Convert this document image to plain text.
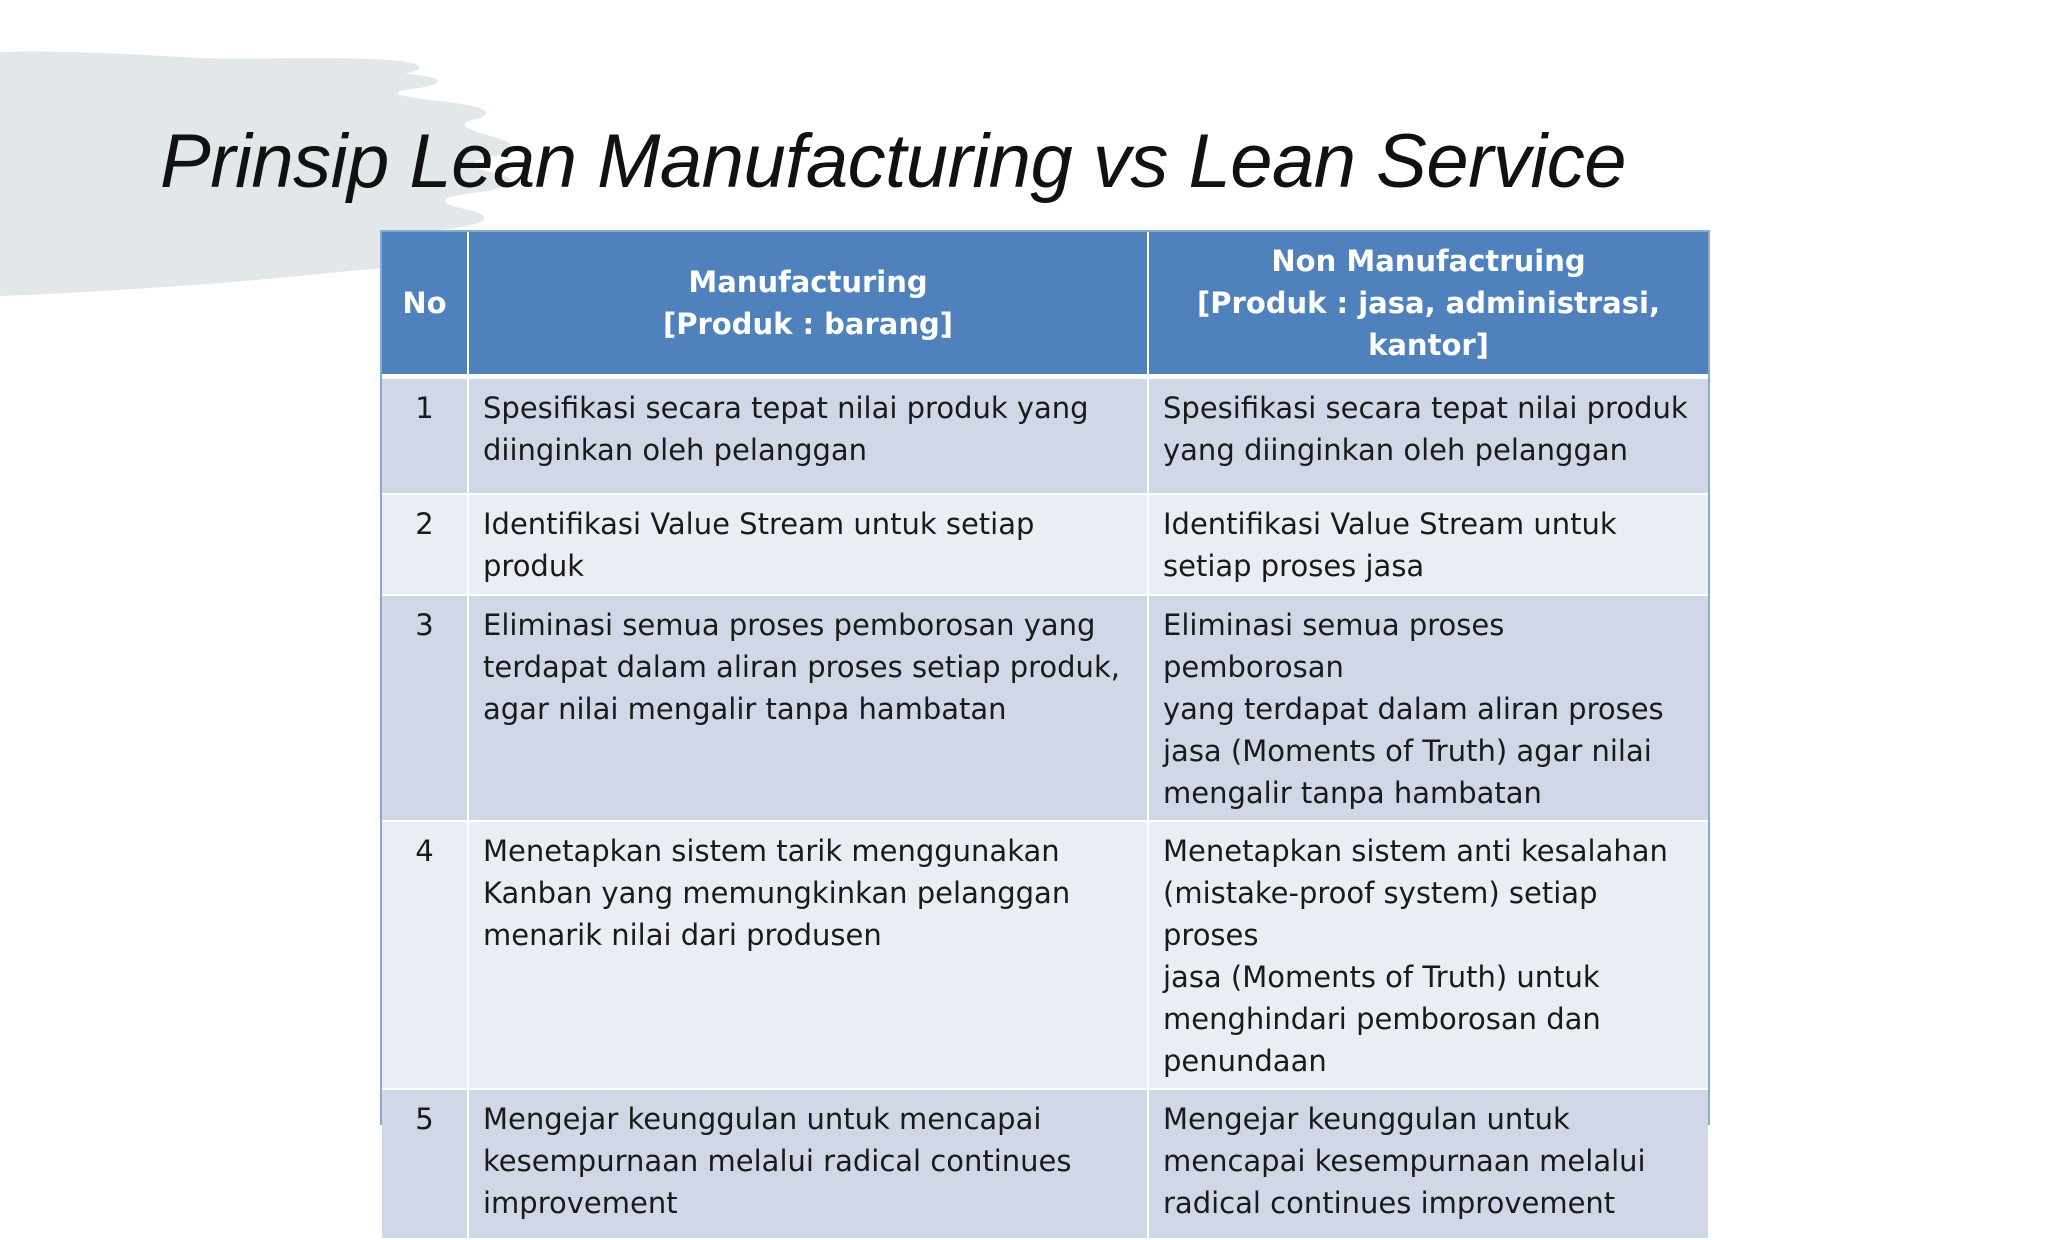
Prinsip Lean Manufacturing vs Lean Service
No	Manufacturing
[Produk : barang]	Non Manufactruing
[Produk : jasa, administrasi, kantor]
1	Spesifikasi secara tepat nilai produk yang
diinginkan oleh pelanggan	Spesifikasi secara tepat nilai produk
yang diinginkan oleh pelanggan
2	Identifikasi Value Stream untuk setiap produk	Identifikasi Value Stream untuk
setiap proses jasa
3	Eliminasi semua proses pemborosan yang
terdapat dalam aliran proses setiap produk,
agar nilai mengalir tanpa hambatan	Eliminasi semua proses pemborosan
yang terdapat dalam aliran proses
jasa (Moments of Truth) agar nilai
mengalir tanpa hambatan
4	Menetapkan sistem tarik menggunakan
Kanban yang memungkinkan pelanggan
menarik nilai dari produsen	Menetapkan sistem anti kesalahan
(mistake-proof system) setiap proses
jasa (Moments of Truth) untuk
menghindari pemborosan dan
penundaan
5	Mengejar keunggulan untuk mencapai
kesempurnaan melalui radical continues
improvement	Mengejar keunggulan untuk
mencapai kesempurnaan melalui
radical continues improvement
